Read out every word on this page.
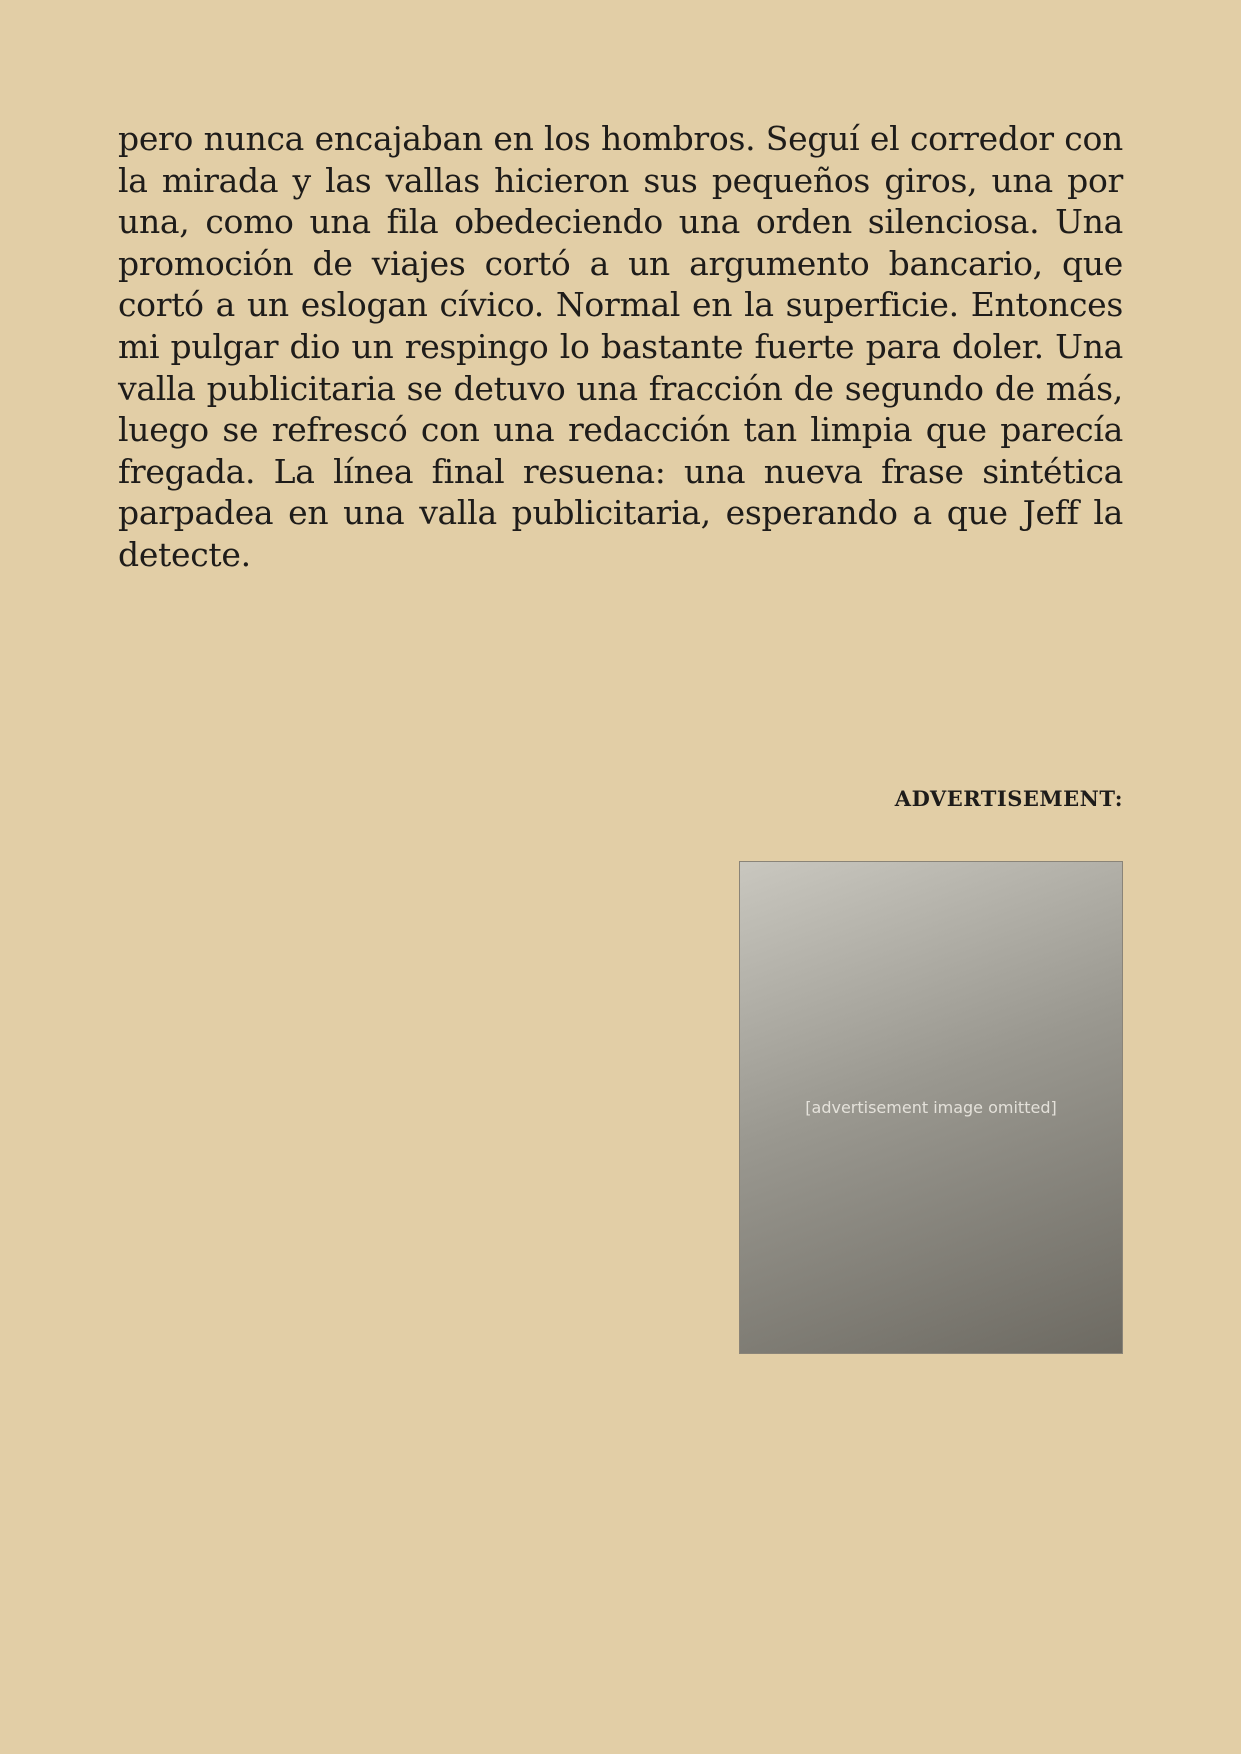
pero nunca encajaban en los hombros. Seguí el corredor con la mirada y las vallas hicieron sus pequeños giros, una por una, como una fila obedeciendo una orden silenciosa. Una promoción de viajes cortó a un argumento bancario, que cortó a un eslogan cívico. Normal en la superficie. Entonces mi pulgar dio un respingo lo bastante fuerte para doler. Una valla publicitaria se detuvo una fracción de segundo de más, luego se refrescó con una redacción tan limpia que parecía fregada. La línea final resuena: una nueva frase sintética parpadea en una valla publicitaria, esperando a que Jeff la detecte.

ADVERTISEMENT:
[advertisement image omitted]
